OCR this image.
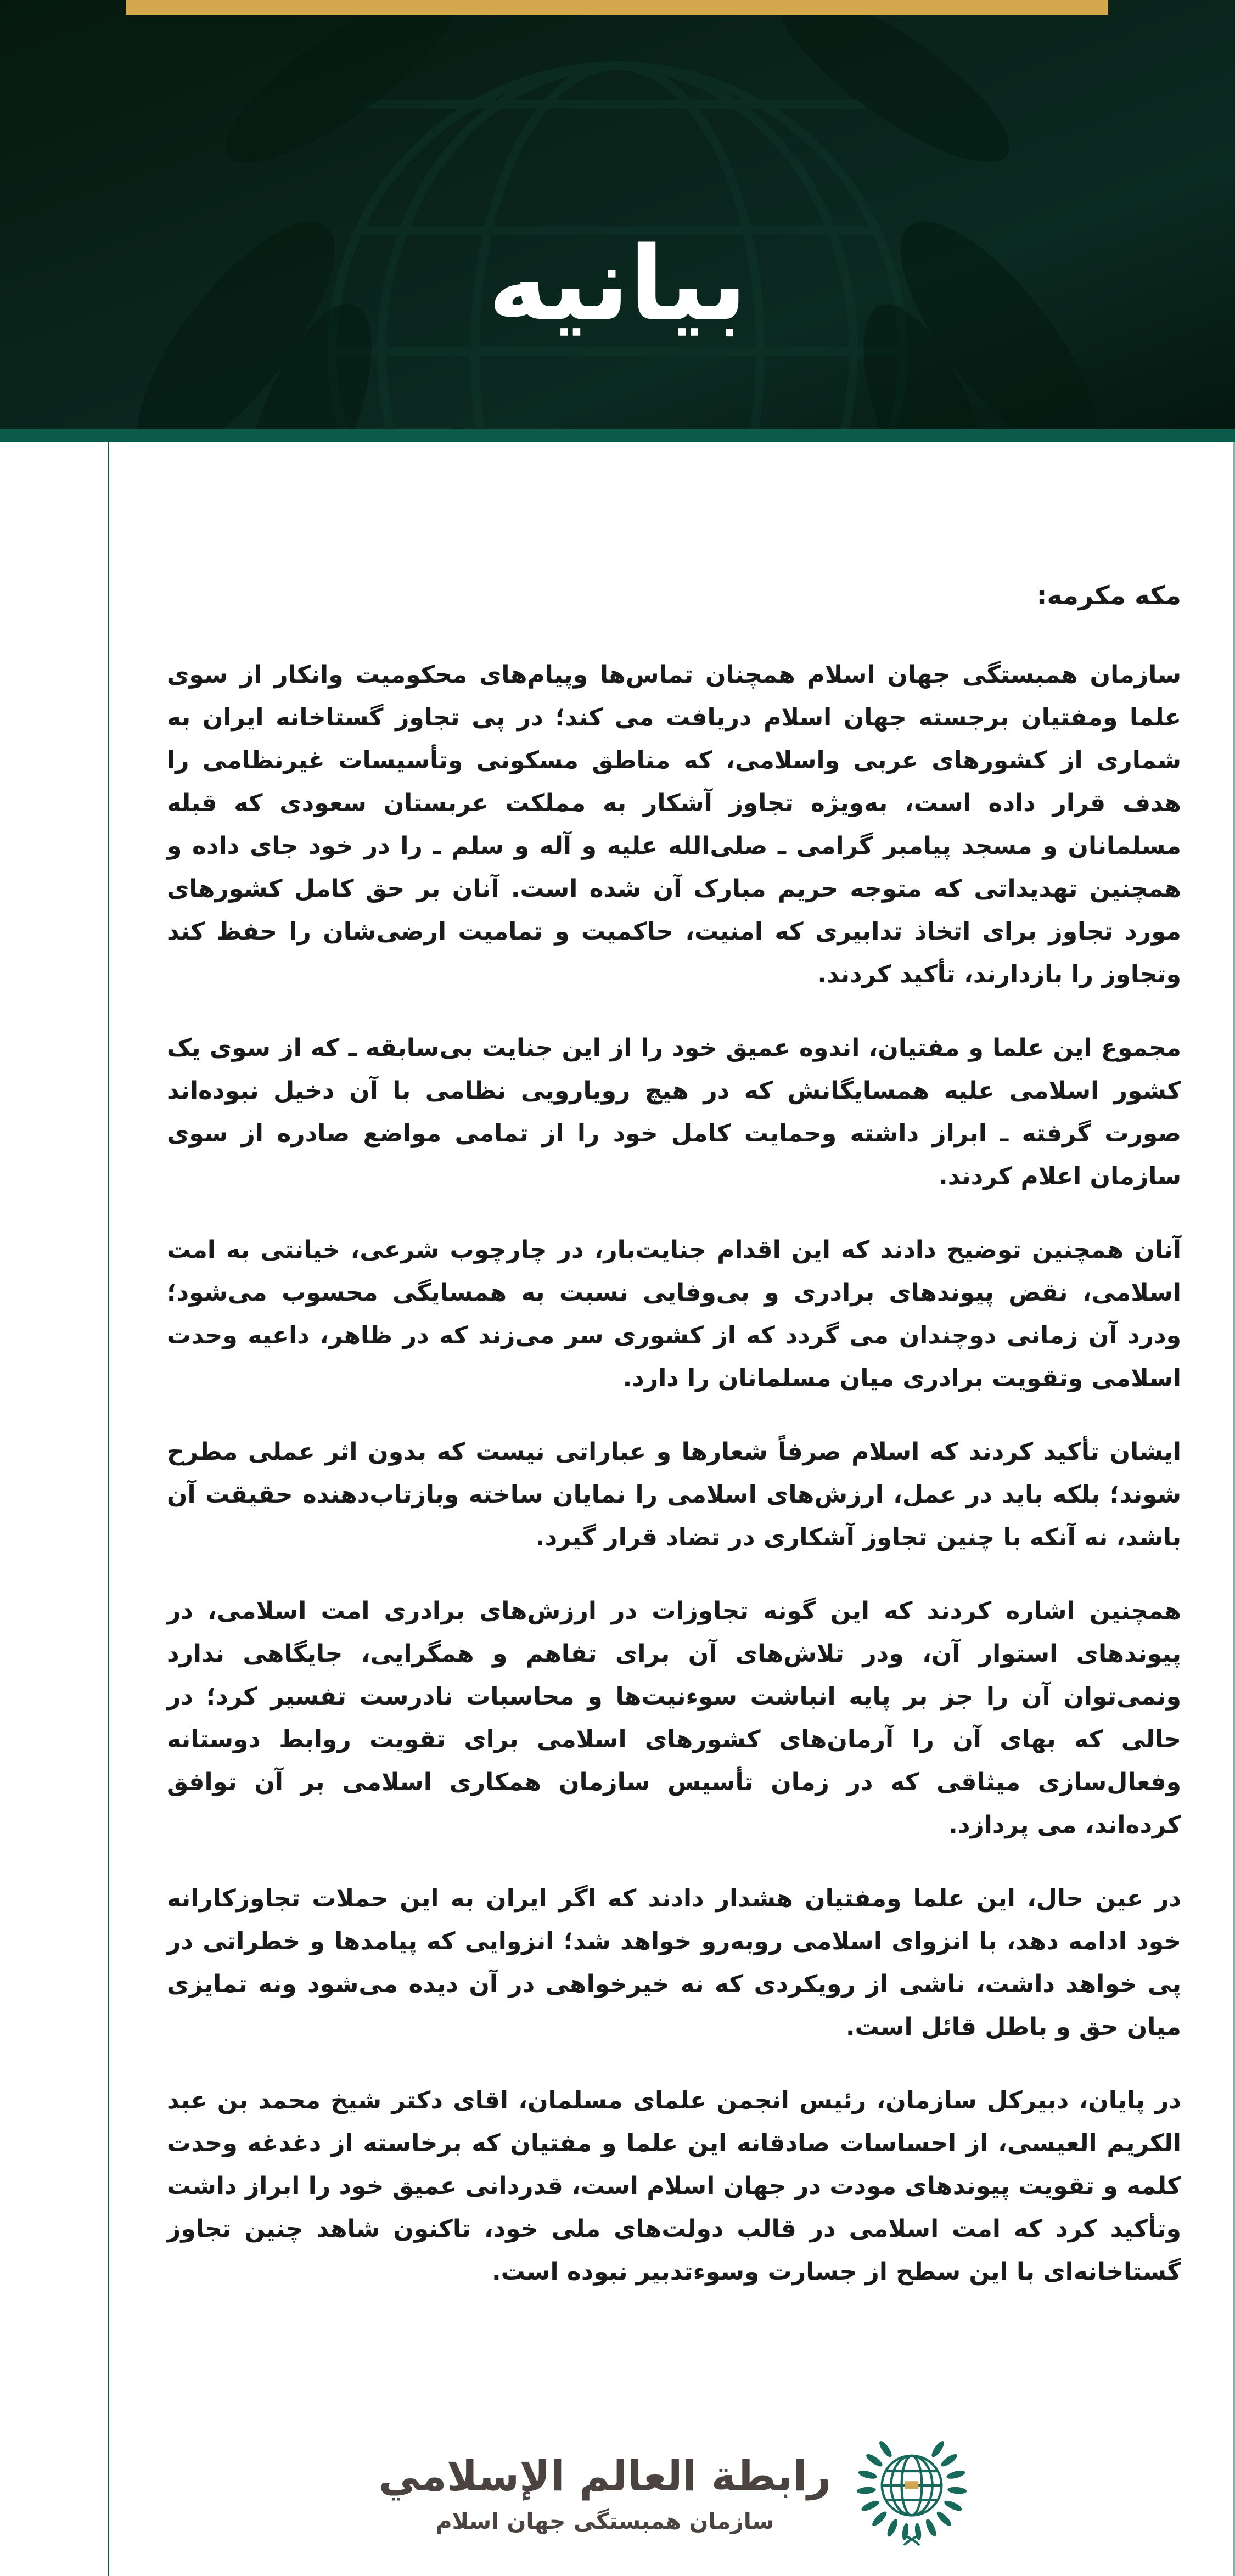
بیانیه
مکه مکرمه:

سازمان همبستگی جهان اسلام همچنان تماس‌ها وپیام‌های محکومیت وانکار از سوی علما ومفتیان برجسته جهان اسلام دریافت می کند؛ در پی تجاوز گستاخانه ایران به شماری از کشورهای عربی واسلامی، که مناطق مسکونی وتأسیسات غیرنظامی را هدف قرار داده است، به‌ویژه تجاوز آشکار به مملکت عربستان سعودی که قبله مسلمانان و مسجد پیامبر گرامی ـ صلی‌الله علیه و آله و سلم ـ را در خود جای داده و همچنین تهدیداتی که متوجه حریم مبارک آن شده است. آنان بر حق کامل کشورهای مورد تجاوز برای اتخاذ تدابیری که امنیت، حاکمیت و تمامیت ارضی‌شان را حفظ کند وتجاوز را بازدارند، تأکید کردند.

مجموع این علما و مفتیان، اندوه عمیق خود را از این جنایت بی‌سابقه ـ که از سوی یک کشور اسلامی علیه همسایگانش که در هیچ رویارویی نظامی با آن دخیل نبوده‌اند صورت گرفته ـ ابراز داشته وحمایت کامل خود را از تمامی مواضع صادره از سوی سازمان اعلام کردند.

آنان همچنین توضیح دادند که این اقدام جنایت‌بار، در چارچوب شرعی، خیانتی به امت اسلامی، نقض پیوندهای برادری و بی‌وفایی نسبت به همسایگی محسوب می‌شود؛ ودرد آن زمانی دوچندان می گردد که از کشوری سر می‌زند که در ظاهر، داعیه وحدت اسلامی وتقویت برادری میان مسلمانان را دارد.

ایشان تأکید کردند که اسلام صرفاً شعارها و عباراتی نیست که بدون اثر عملی مطرح شوند؛ بلکه باید در عمل، ارزش‌های اسلامی را نمایان ساخته وبازتاب‌دهنده حقیقت آن باشد، نه آنکه با چنین تجاوز آشکاری در تضاد قرار گیرد.

همچنین اشاره کردند که این گونه تجاوزات در ارزش‌های برادری امت اسلامی، در پیوندهای استوار آن، ودر تلاش‌های آن برای تفاهم و همگرایی، جایگاهی ندارد ونمی‌توان آن را جز بر پایه انباشت سوءنیت‌ها و محاسبات نادرست تفسیر کرد؛ در حالی که بهای آن را آرمان‌های کشورهای اسلامی برای تقویت روابط دوستانه وفعال‌سازی میثاقی که در زمان تأسیس سازمان همکاری اسلامی بر آن توافق کرده‌اند، می پردازد.

در عین حال، این علما ومفتیان هشدار دادند که اگر ایران به این حملات تجاوزکارانه خود ادامه دهد، با انزوای اسلامی روبه‌رو خواهد شد؛ انزوایی که پیامدها و خطراتی در پی خواهد داشت، ناشی از رویکردی که نه خیرخواهی در آن دیده می‌شود ونه تمایزی میان حق و باطل قائل است.

در پایان، دبیرکل سازمان، رئیس انجمن علمای مسلمان، اقای دکتر شیخ محمد بن عبد الکریم العیسی، از احساسات صادقانه این علما و مفتیان که برخاسته از دغدغه وحدت کلمه و تقویت پیوندهای مودت در جهان اسلام است، قدردانی عمیق خود را ابراز داشت وتأکید کرد که امت اسلامی در قالب دولت‌های ملی خود، تاکنون شاهد چنین تجاوز گستاخانه‌ای با این سطح از جسارت وسوءتدبیر نبوده است.

رابطة العالم الإسلامي
سازمان همبستگی جهان اسلام
